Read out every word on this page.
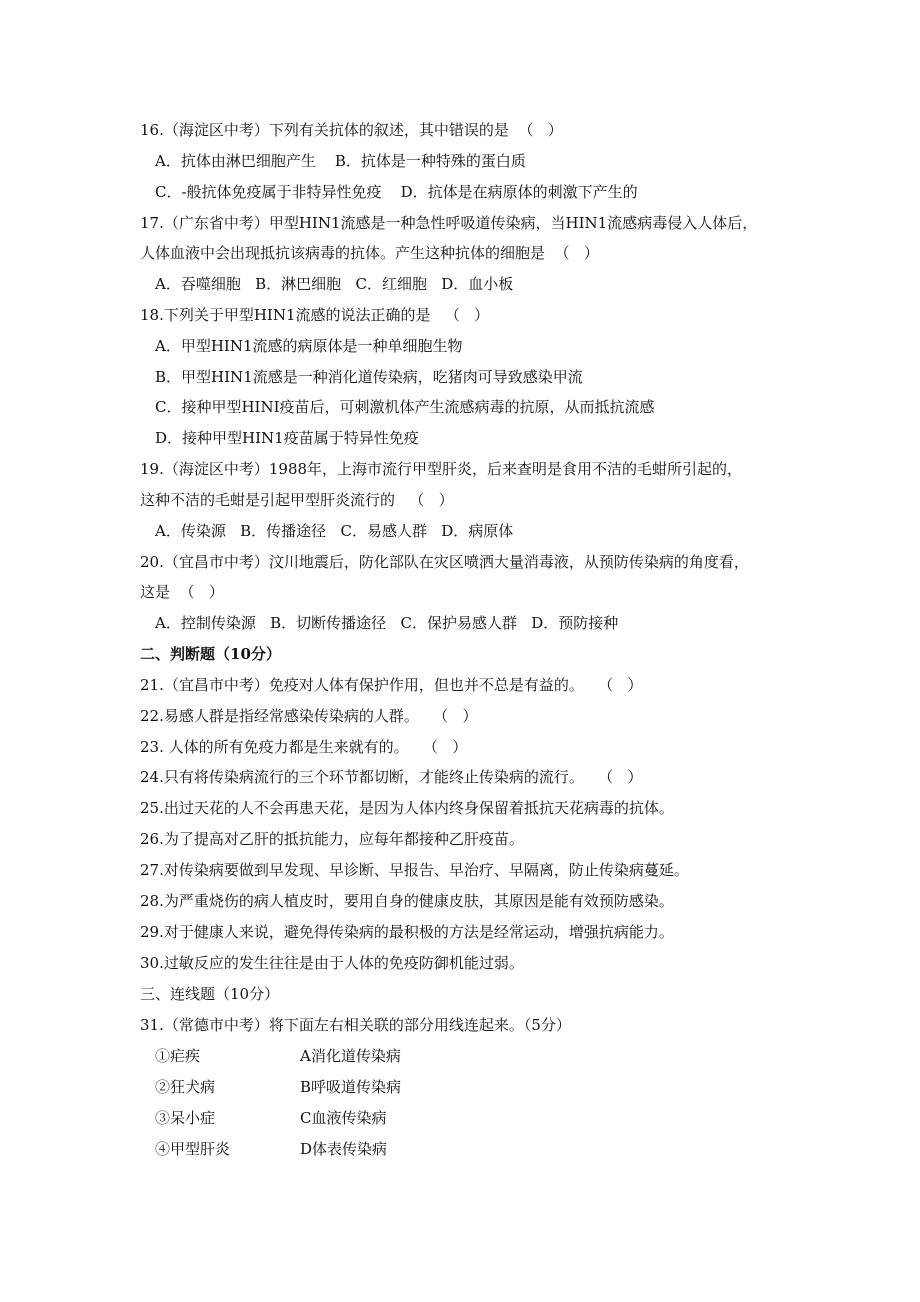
16.（海淀区中考）下列有关抗体的叙述，其中错误的是  （   ）
A．抗体由淋巴细胞产生    B．抗体是一种特殊的蛋白质
C．-般抗体免疫属于非特异性免疫    D．抗体是在病原体的刺激下产生的
17.（广东省中考）甲型HIN1流感是一种急性呼吸道传染病，当HIN1流感病毒侵入人体后，
人体血液中会出现抵抗该病毒的抗体。产生这种抗体的细胞是  （   ）
A．吞噬细胞   B．淋巴细胞   C．红细胞   D．血小板
18.下列关于甲型HIN1流感的说法正确的是   （   ）
A．甲型HIN1流感的病原体是一种单细胞生物
B．甲型HIN1流感是一种消化道传染病，吃猪肉可导致感染甲流
C．接种甲型HINI疫苗后，可刺激机体产生流感病毒的抗原，从而抵抗流感
D．接种甲型HIN1疫苗属于特异性免疫
19.（海淀区中考）1988年，上海市流行甲型肝炎，后来查明是食用不洁的毛蚶所引起的，
这种不洁的毛蚶是引起甲型肝炎流行的   （   ）
A．传染源   B．传播途径   C．易感人群   D．病原体
20.（宜昌市中考）汶川地震后，防化部队在灾区喷洒大量消毒液，从预防传染病的角度看，
这是  （   ）
A．控制传染源   B．切断传播途径   C．保护易感人群   D．预防接种
二、判断题（10分）
21.（宜昌市中考）免疫对人体有保护作用，但也并不总是有益的。   （   ）
22.易感人群是指经常感染传染病的人群。   （   ）
23. 人体的所有免疫力都是生来就有的。   （   ）
24.只有将传染病流行的三个环节都切断，才能终止传染病的流行。   （   ）
25.出过天花的人不会再患天花，是因为人体内终身保留着抵抗天花病毒的抗体。
26.为了提高对乙肝的抵抗能力，应每年都接种乙肝疫苗。
27.对传染病要做到早发现、早诊断、早报告、早治疗、早隔离，防止传染病蔓延。
28.为严重烧伤的病人植皮时，要用自身的健康皮肤，其原因是能有效预防感染。
29.对于健康人来说，避免得传染病的最积极的方法是经常运动，增强抗病能力。
30.过敏反应的发生往往是由于人体的免疫防御机能过弱。
三、连线题（10分）
31.（常德市中考）将下面左右相关联的部分用线连起来。（5分）
①疟疾	A消化道传染病
②狂犬病	B呼吸道传染病
③呆小症	C血液传染病
④甲型肝炎	D体表传染病
